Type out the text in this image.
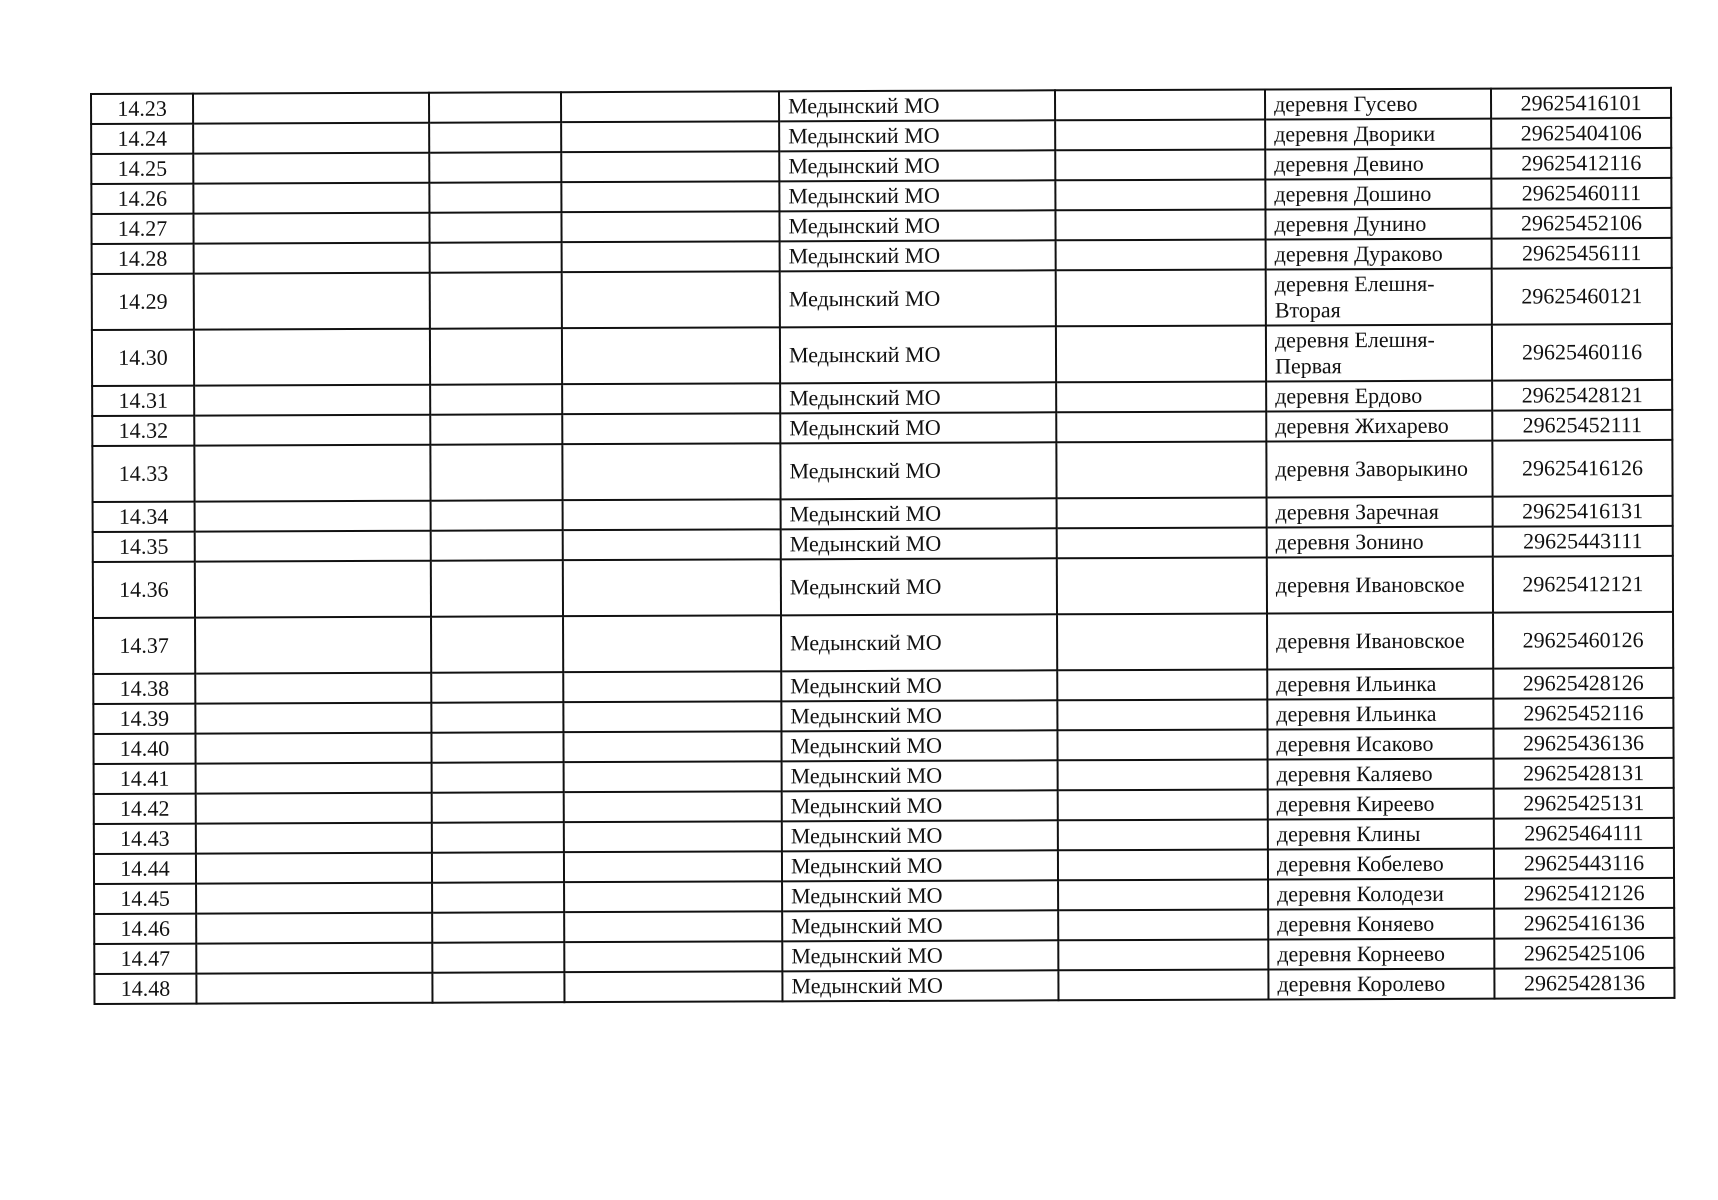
14.23				Медынский МО		деревня Гусево	29625416101
14.24				Медынский МО		деревня Дворики	29625404106
14.25				Медынский МО		деревня Девино	29625412116
14.26				Медынский МО		деревня Дошино	29625460111
14.27				Медынский МО		деревня Дунино	29625452106
14.28				Медынский МО		деревня Дураково	29625456111
14.29				Медынский МО		деревня Елешня-Вторая	29625460121
14.30				Медынский МО		деревня Елешня-Первая	29625460116
14.31				Медынский МО		деревня Ердово	29625428121
14.32				Медынский МО		деревня Жихарево	29625452111
14.33				Медынский МО		деревня Заворыкино	29625416126
14.34				Медынский МО		деревня Заречная	29625416131
14.35				Медынский МО		деревня Зонино	29625443111
14.36				Медынский МО		деревня Ивановское	29625412121
14.37				Медынский МО		деревня Ивановское	29625460126
14.38				Медынский МО		деревня Ильинка	29625428126
14.39				Медынский МО		деревня Ильинка	29625452116
14.40				Медынский МО		деревня Исаково	29625436136
14.41				Медынский МО		деревня Каляево	29625428131
14.42				Медынский МО		деревня Киреево	29625425131
14.43				Медынский МО		деревня Клины	29625464111
14.44				Медынский МО		деревня Кобелево	29625443116
14.45				Медынский МО		деревня Колодези	29625412126
14.46				Медынский МО		деревня Коняево	29625416136
14.47				Медынский МО		деревня Корнеево	29625425106
14.48				Медынский МО		деревня Королево	29625428136
